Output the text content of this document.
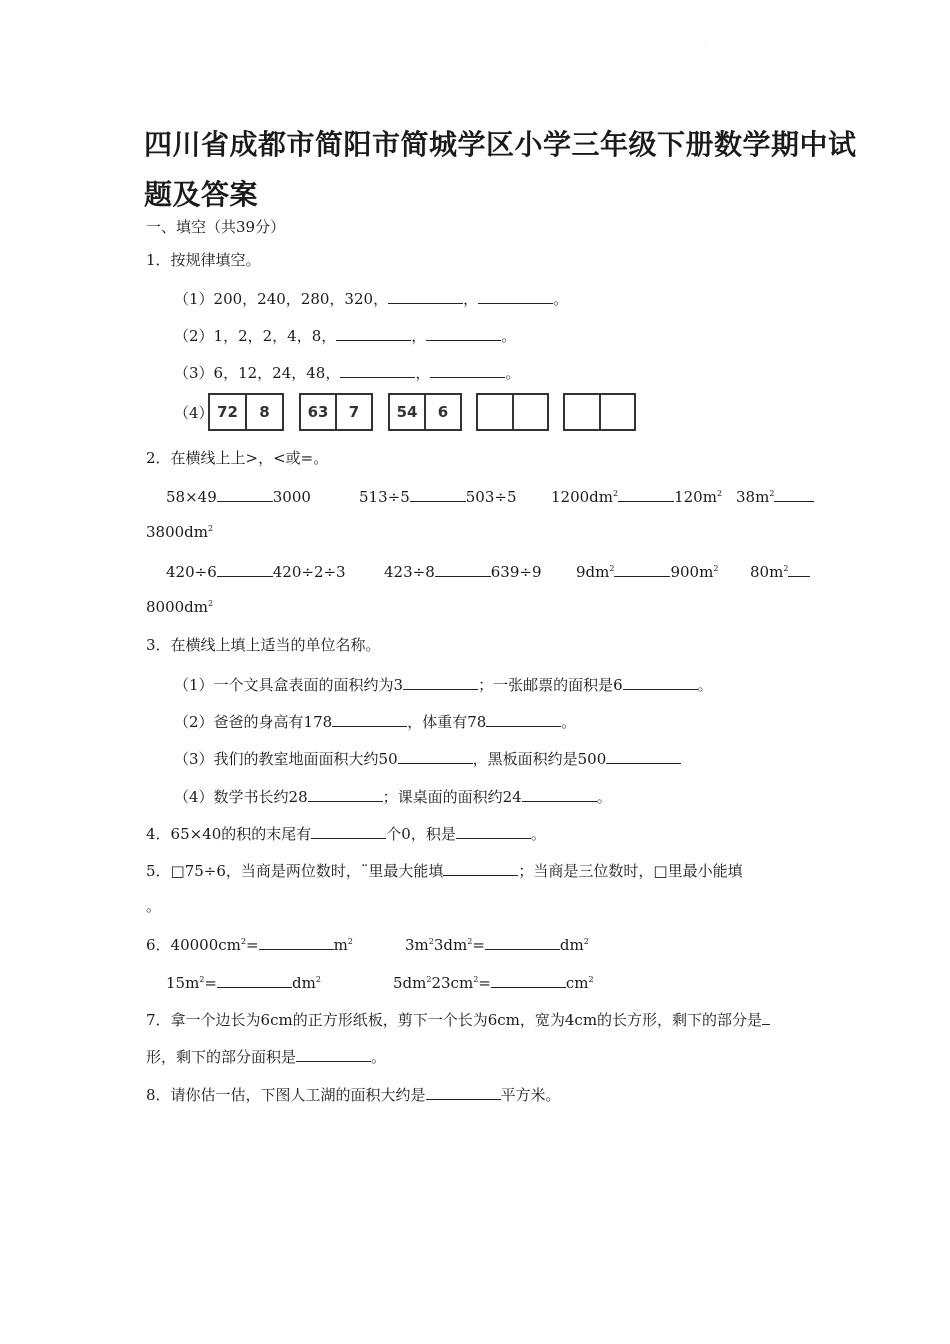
·
四川省成都市简阳市简城学区小学三年级下册数学期中试
题及答案
一、填空（共39分）
1．按规律填空。
（1）200，240，280，320，	，	。
（2）1，2，2，4，8，	，	。
（3）6，12，24，48，	，	。
（4） 72	8	63	7	54	6
2．在横线上上>，<或=。
58×49	3000	513÷5	503÷5 $1200dm^2$	$120m^2$ $38m^2$
$3800dm^2$
420÷6	420÷2÷3	423÷8	639÷9 $9dm^2$	$900m^2$ $80m^2$
$8000dm^2$
3．在横线上填上适当的单位名称。
（1）一个文具盒表面的面积约为3	；一张邮票的面积是6	。
（2）爸爸的身高有178	，体重有78	。
（3）我们的教室地面面积大约50	，黑板面积约是500
（4）数学书长约28	；课桌面的面积约24	。
4．65×40的积的末尾有	个0，积是	。
5．□75÷6，当商是两位数时，¨里最大能填	；当商是三位数时，□里最小能填
。
6．$40000cm^2=$	$m^2$	$3m^23dm^2=$	$dm^2$
$15m^2=$	$dm^2$	$5dm^223cm^2=$	$cm^2$
7．拿一个边长为6cm的正方形纸板，剪下一个长为6cm，宽为4cm的长方形，剩下的部分是
形，剩下的部分面积是	。
8．请你估一估，下图人工湖的面积大约是	平方米。
